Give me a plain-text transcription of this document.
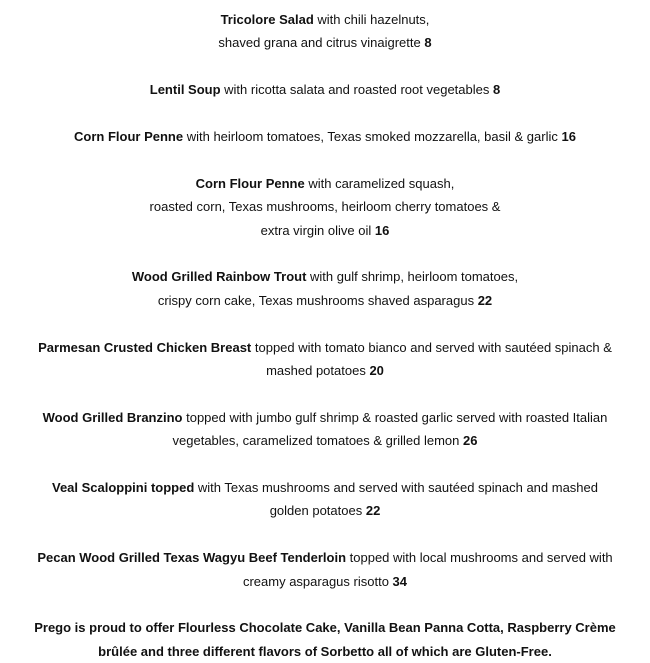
Tricolore Salad with chili hazelnuts,
shaved grana and citrus vinaigrette 8
Lentil Soup with ricotta salata and roasted root vegetables 8
Corn Flour Penne with heirloom tomatoes, Texas smoked mozzarella, basil & garlic 16
Corn Flour Penne with caramelized squash,
roasted corn, Texas mushrooms, heirloom cherry tomatoes &
extra virgin olive oil 16
Wood Grilled Rainbow Trout with gulf shrimp, heirloom tomatoes,
crispy corn cake, Texas mushrooms shaved asparagus 22
Parmesan Crusted Chicken Breast topped with tomato bianco and served with sautéed spinach &
mashed potatoes 20
Wood Grilled Branzino topped with jumbo gulf shrimp & roasted garlic served with roasted Italian
vegetables, caramelized tomatoes & grilled lemon 26
Veal Scaloppini topped with Texas mushrooms and served with sautéed spinach and mashed
golden potatoes 22
Pecan Wood Grilled Texas Wagyu Beef Tenderloin topped with local mushrooms and served with
creamy asparagus risotto 34
Prego is proud to offer Flourless Chocolate Cake, Vanilla Bean Panna Cotta, Raspberry Crème
brûlée and three different flavors of Sorbetto all of which are Gluten-Free.
